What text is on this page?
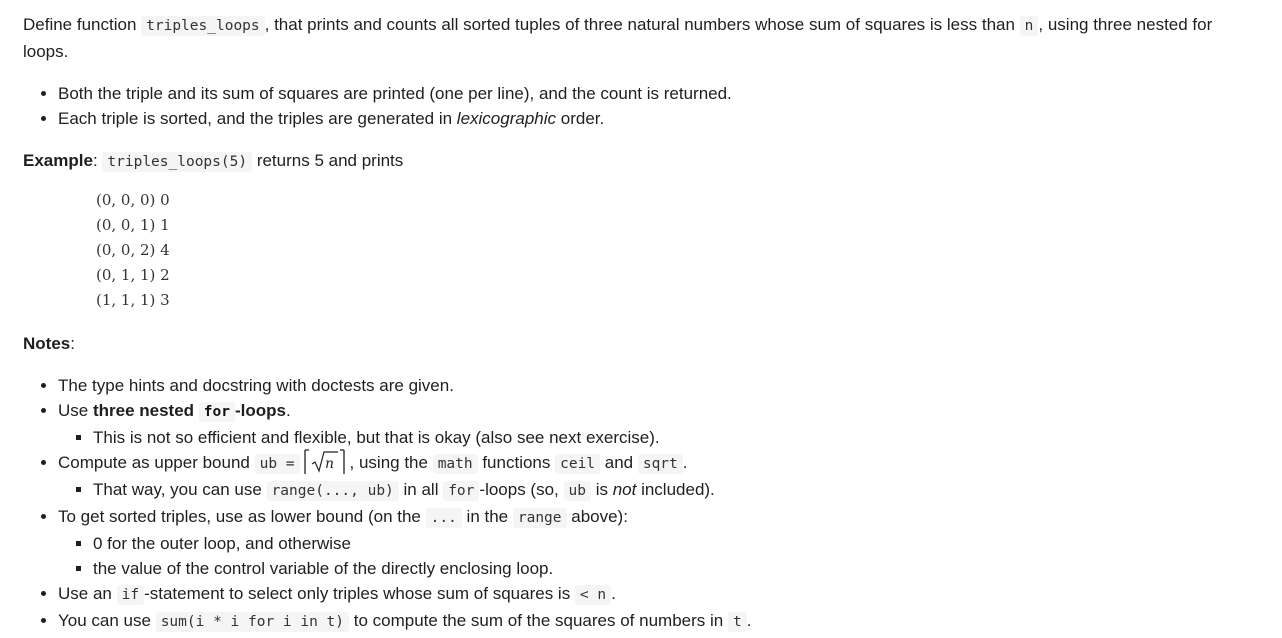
Define function triples_loops , that prints and counts all sorted tuples of three natural numbers whose sum of squares is less than n , using three nested for loops.

• Both the triple and its sum of squares are printed (one per line), and the count is returned.
• Each triple is sorted, and the triples are generated in lexicographic order.

Example: triples_loops(5) returns 5 and prints

(0, 0, 0) 0
(0, 0, 1) 1
(0, 0, 2) 4
(0, 1, 1) 2
(1, 1, 1) 3

Notes:

• The type hints and docstring with doctests are given.
• Use three nested for -loops.
▪ This is not so efficient and flexible, but that is okay (also see next exercise).
• Compute as upper bound ub = n , using the math functions ceil and sqrt .
▪ That way, you can use range(..., ub) in all for -loops (so, ub is not included).
• To get sorted triples, use as lower bound (on the ... in the range above):
▪ 0 for the outer loop, and otherwise
▪ the value of the control variable of the directly enclosing loop.
• Use an if -statement to select only triples whose sum of squares is < n .
• You can use sum(i * i for i in t) to compute the sum of the squares of numbers in t .
